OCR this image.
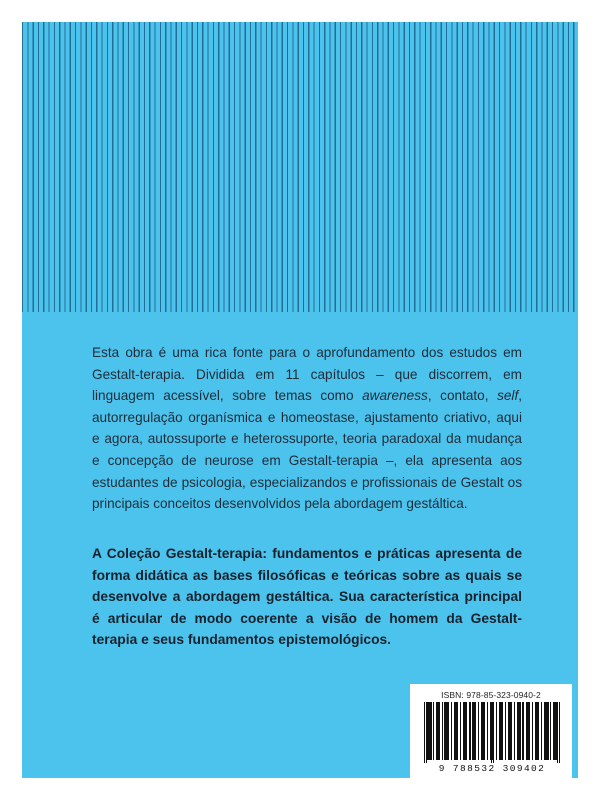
Esta obra é uma rica fonte para o aprofundamento dos estudos em Gestalt-terapia. Dividida em 11 capítulos – que discorrem, em linguagem acessível, sobre temas como awareness, contato, self, autorregulação organísmica e homeostase, ajustamento criativo, aqui e agora, autossuporte e heterossuporte, teoria paradoxal da mudança e concepção de neurose em Gestalt-terapia –, ela apresenta aos estudantes de psicologia, especializandos e profissionais de Gestalt os principais conceitos desenvolvidos pela abordagem gestáltica.

A Coleção Gestalt-terapia: fundamentos e práticas apresenta de forma didática as bases filosóficas e teóricas sobre as quais se desenvolve a abordagem gestáltica. Sua característica principal é articular de modo coerente a visão de homem da Gestalt-terapia e seus fundamentos epistemológicos.

ISBN: 978-85-323-0940-2
9 788532 309402
